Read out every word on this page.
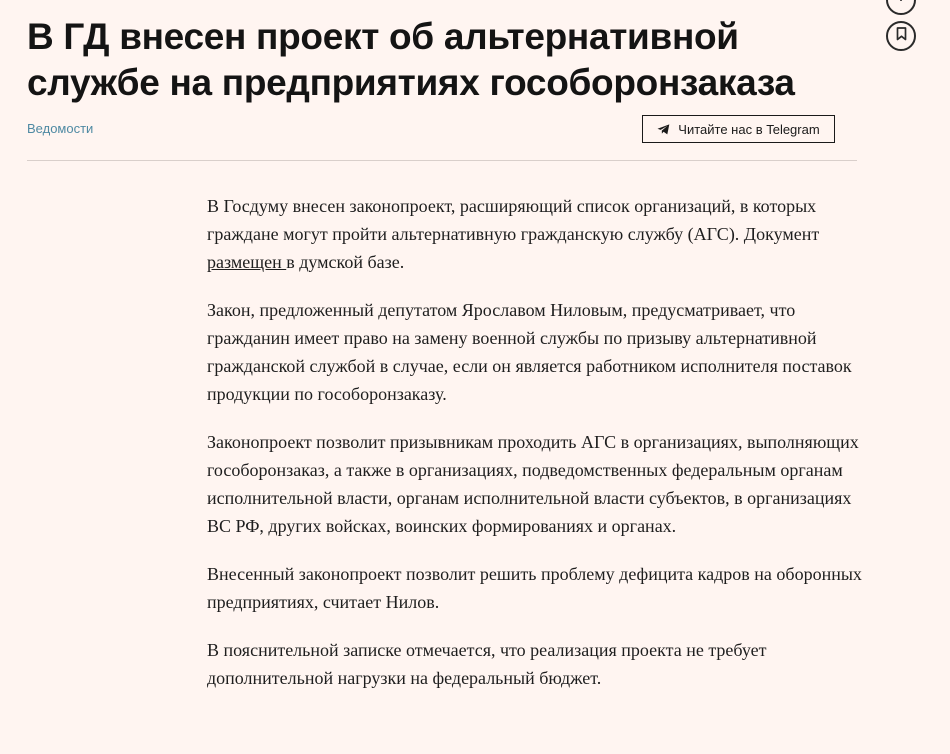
В ГД внесен проект об альтернативной службе на предприятиях гособоронзаказа
Ведомости	Читайте нас в Telegram

В Госдуму внесен законопроект, расширяющий список организаций, в которых граждане могут пройти альтернативную гражданскую службу (АГС). Документ размещен в думской базе.

Закон, предложенный депутатом Ярославом Ниловым, предусматривает, что гражданин имеет право на замену военной службы по призыву альтернативной гражданской службой в случае, если он является работником исполнителя поставок продукции по гособоронзаказу.

Законопроект позволит призывникам проходить АГС в организациях, выполняющих гособоронзаказ, а также в организациях, подведомственных федеральным органам исполнительной власти, органам исполнительной власти субъектов, в организациях ВС РФ, других войсках, воинских формированиях и органах.

Внесенный законопроект позволит решить проблему дефицита кадров на оборонных предприятиях, считает Нилов.

В пояснительной записке отмечается, что реализация проекта не требует дополнительной нагрузки на федеральный бюджет.
